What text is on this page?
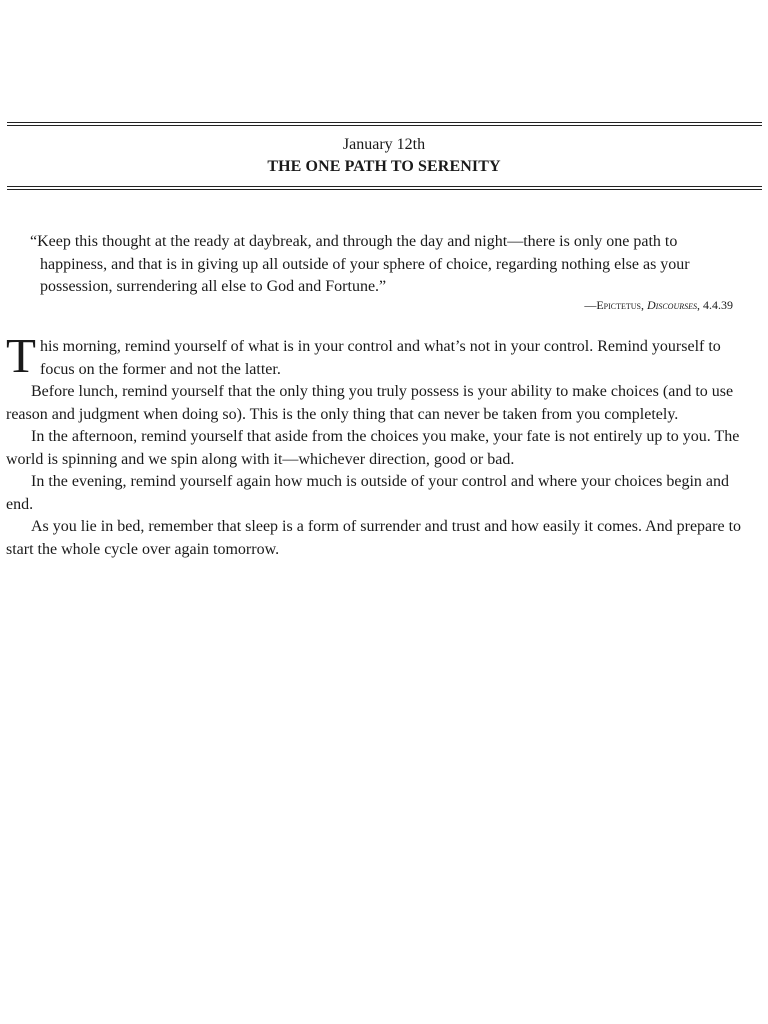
January 12th
THE ONE PATH TO SERENITY

“Keep this thought at the ready at daybreak, and through the day and night—there is only one path to happiness, and that is in giving up all outside of your sphere of choice, regarding nothing else as your possession, surrendering all else to God and Fortune.”

—Epictetus, Discourses, 4.4.39

T his morning, remind yourself of what is in your control and what’s not in your control. Remind yourself to focus on the former and not the latter.

Before lunch, remind yourself that the only thing you truly possess is your ability to make choices (and to use reason and judgment when doing so). This is the only thing that can never be taken from you completely.

In the afternoon, remind yourself that aside from the choices you make, your fate is not entirely up to you. The world is spinning and we spin along with it—whichever direction, good or bad.

In the evening, remind yourself again how much is outside of your control and where your choices begin and end.

As you lie in bed, remember that sleep is a form of surrender and trust and how easily it comes. And prepare to start the whole cycle over again tomorrow.
